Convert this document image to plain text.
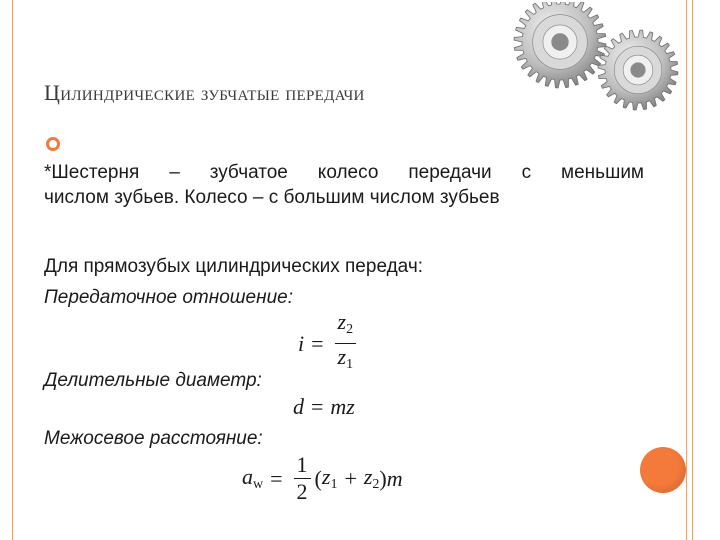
Цилиндрические зубчатые передачи

*Шестерня – зубчатое колесо передачи с меньшим
числом зубьев. Колесо – с большим числом зубьев

Для прямозубых цилиндрических передач:

Передаточное отношение:

$i = \frac{z_2}{z_1}$

Делительные диаметр:

d = mz

Межосевое расстояние:

$a_w = \frac{1}{2}$ ( $z_1 + z_2$ ) m
